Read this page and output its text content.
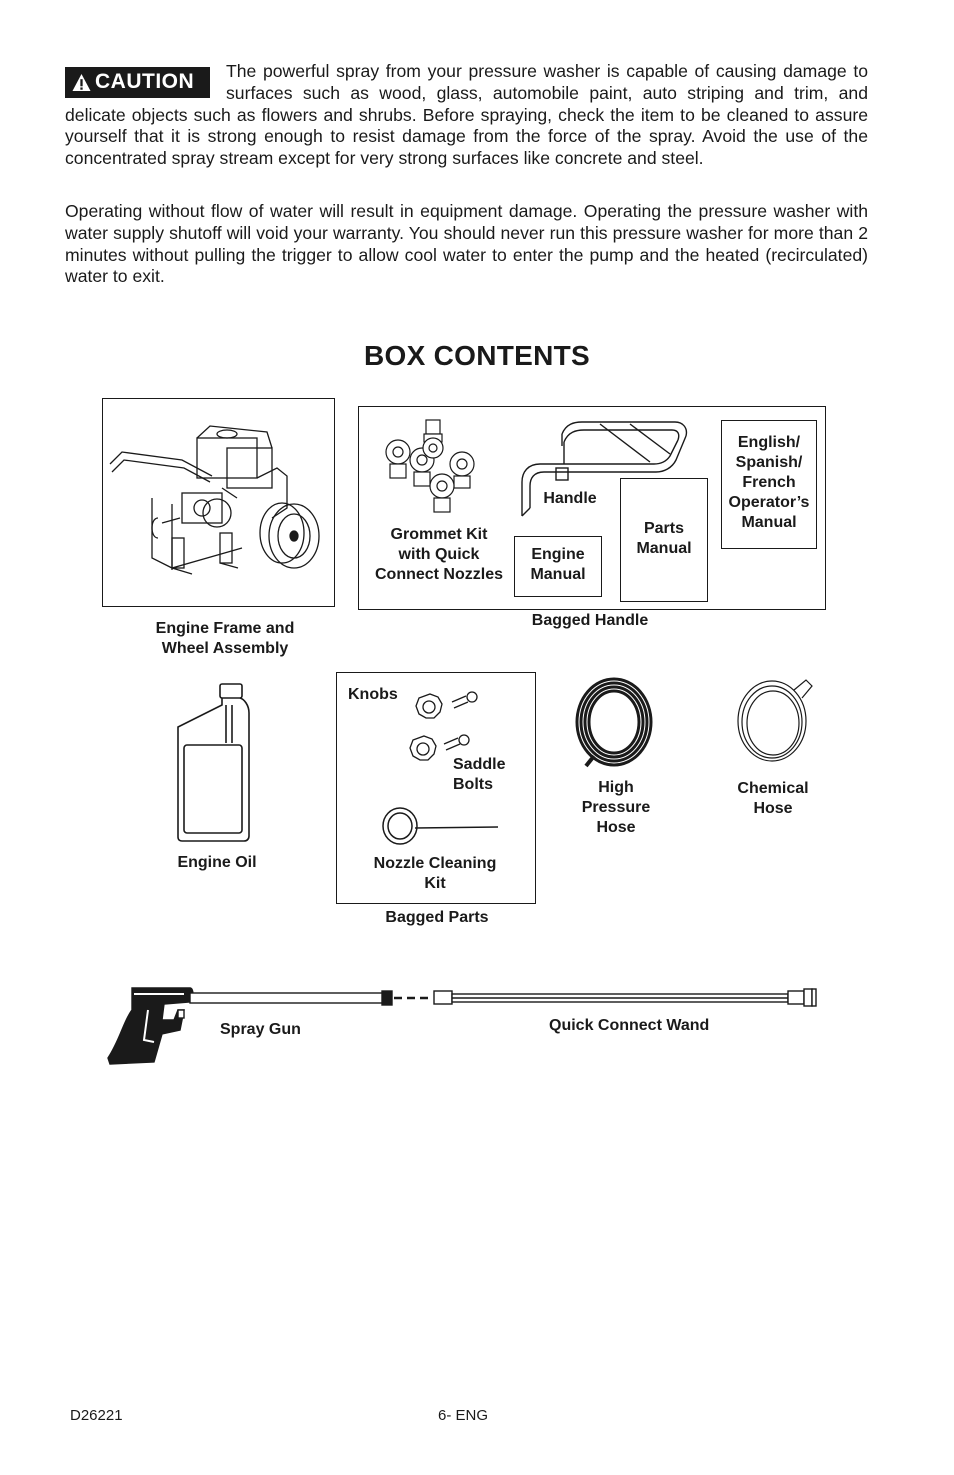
CAUTION The powerful spray from your pressure washer is capable of causing damage to surfaces such as wood, glass, automobile paint, auto striping and trim, and delicate objects such as flowers and shrubs. Before spraying, check the item to be cleaned to assure yourself that it is strong enough to resist damage from the force of the spray. Avoid the use of the concentrated spray stream except for very strong surfaces like concrete and steel.

Operating without flow of water will result in equipment damage. Operating the pressure washer with water supply shutoff will void your warranty. You should never run this pressure washer for more than 2 minutes without pulling the trigger to allow cool water to enter the pump and the heated (recirculated) water to exit.

BOX CONTENTS
Engine Frame and
Wheel Assembly
Grommet Kit
with Quick
Connect Nozzles
Handle
Engine
Manual
Parts
Manual
English/
Spanish/
French
Operator’s
Manual
Bagged Handle
Engine Oil
Knobs
Saddle
Bolts
Nozzle Cleaning
Kit
Bagged Parts
High
Pressure
Hose
Chemical
Hose
Spray Gun	Quick Connect Wand
D26221	6- ENG
